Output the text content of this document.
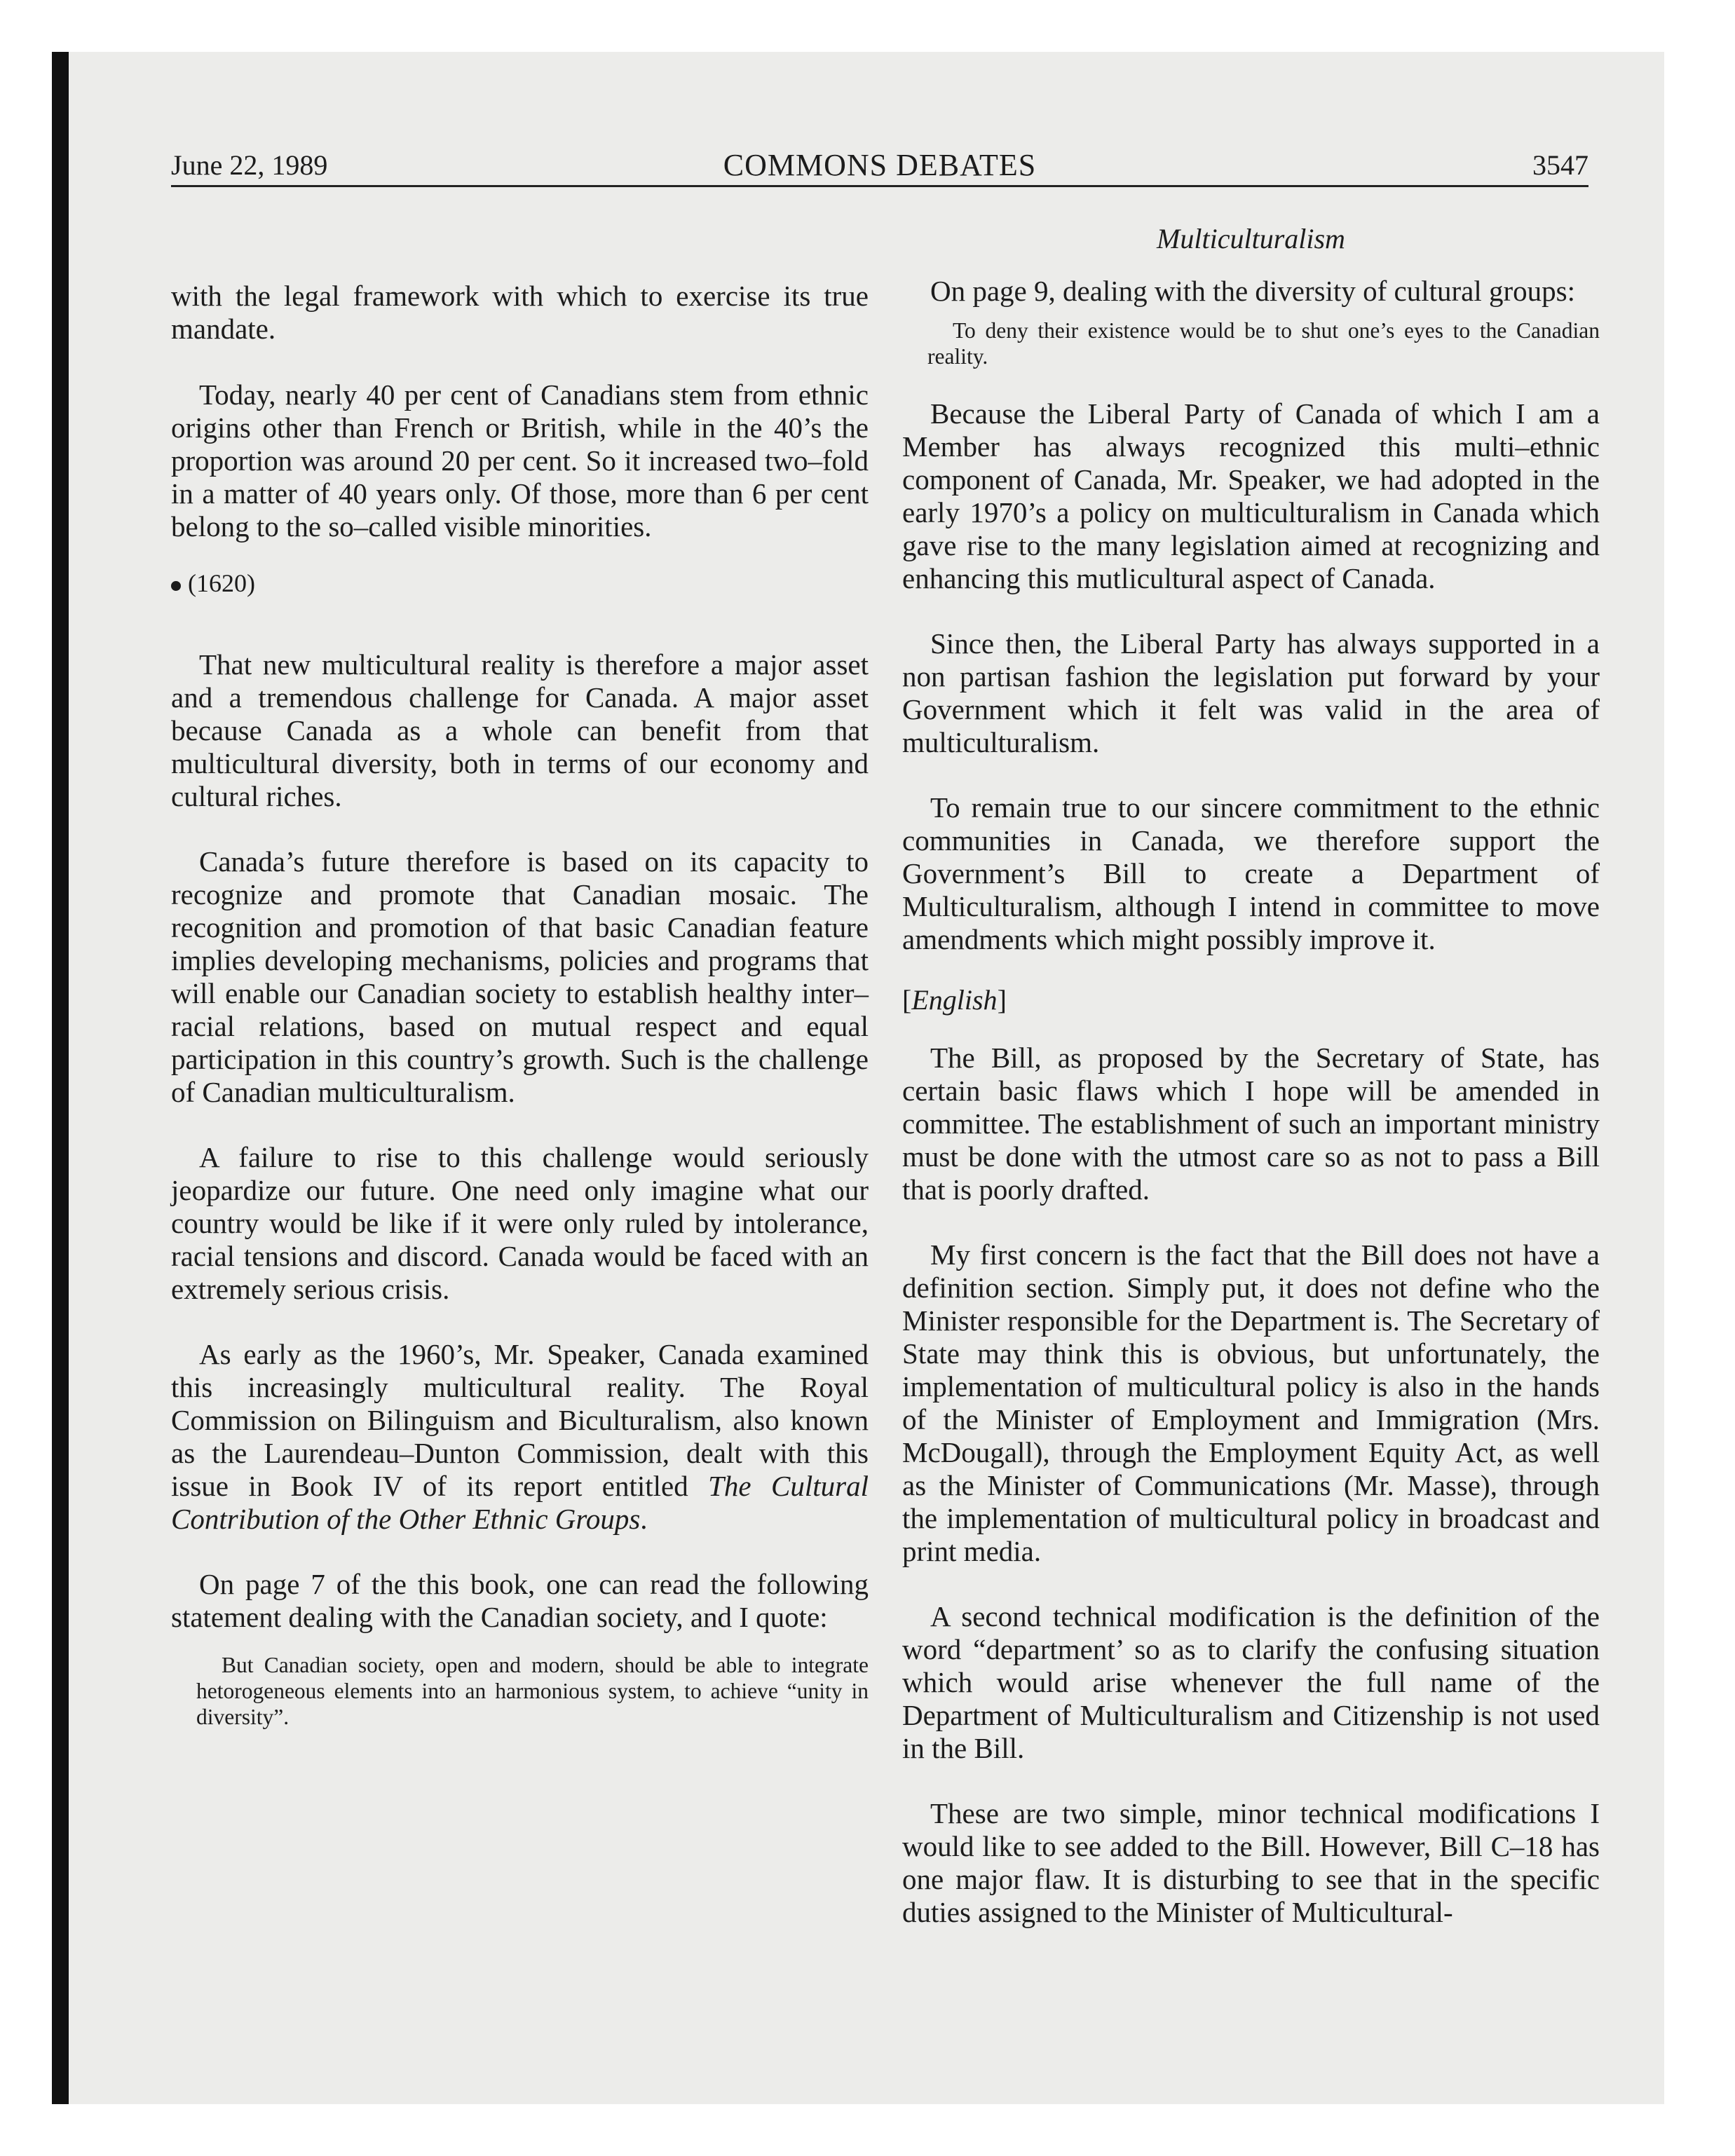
June 22, 1989	COMMONS DEBATES	3547

with the legal framework with which to exercise its true mandate.

Today, nearly 40 per cent of Canadians stem from ethnic origins other than French or British, while in the 40’s the proportion was around 20 per cent. So it increased two–fold in a matter of 40 years only. Of those, more than 6 per cent belong to the so–called visible minorities.

(1620)

That new multicultural reality is therefore a major asset and a tremendous challenge for Canada. A major asset because Canada as a whole can benefit from that multicultural diversity, both in terms of our economy and cultural riches.

Canada’s future therefore is based on its capacity to recognize and promote that Canadian mosaic. The recognition and promotion of that basic Canadian feature implies developing mechanisms, policies and programs that will enable our Canadian society to establish healthy inter–racial relations, based on mutual respect and equal participation in this country’s growth. Such is the challenge of Canadian multiculturalism.

A failure to rise to this challenge would seriously jeopardize our future. One need only imagine what our country would be like if it were only ruled by intolerance, racial tensions and discord. Canada would be faced with an extremely serious crisis.

As early as the 1960’s, Mr. Speaker, Canada examined this increasingly multicultural reality. The Royal Commission on Bilinguism and Biculturalism, also known as the Laurendeau–Dunton Commission, dealt with this issue in Book IV of its report entitled The Cultural Contribution of the Other Ethnic Groups.

On page 7 of the this book, one can read the following statement dealing with the Canadian society, and I quote:

But Canadian society, open and modern, should be able to integrate hetorogeneous elements into an harmonious system, to achieve “unity in diversity”.

Multiculturalism

On page 9, dealing with the diversity of cultural groups:

To deny their existence would be to shut one’s eyes to the Canadian reality.

Because the Liberal Party of Canada of which I am a Member has always recognized this multi–ethnic component of Canada, Mr. Speaker, we had adopted in the early 1970’s a policy on multiculturalism in Canada which gave rise to the many legislation aimed at recognizing and enhancing this mutlicultural aspect of Canada.

Since then, the Liberal Party has always supported in a non partisan fashion the legislation put forward by your Government which it felt was valid in the area of multiculturalism.

To remain true to our sincere commitment to the ethnic communities in Canada, we therefore support the Government’s Bill to create a Department of Multiculturalism, although I intend in committee to move amendments which might possibly improve it.

[English]

The Bill, as proposed by the Secretary of State, has certain basic flaws which I hope will be amended in committee. The establishment of such an important ministry must be done with the utmost care so as not to pass a Bill that is poorly drafted.

My first concern is the fact that the Bill does not have a definition section. Simply put, it does not define who the Minister responsible for the Department is. The Secretary of State may think this is obvious, but unfortunately, the implementation of multicultural policy is also in the hands of the Minister of Employment and Immigration (Mrs. McDougall), through the Employment Equity Act, as well as the Minister of Communications (Mr. Masse), through the implementation of multicultural policy in broadcast and print media.

A second technical modification is the definition of the word “department’ so as to clarify the confusing situation which would arise whenever the full name of the Department of Multiculturalism and Citizenship is not used in the Bill.

These are two simple, minor technical modifications I would like to see added to the Bill. However, Bill C–18 has one major flaw. It is disturbing to see that in the specific duties assigned to the Minister of Multicultural-
